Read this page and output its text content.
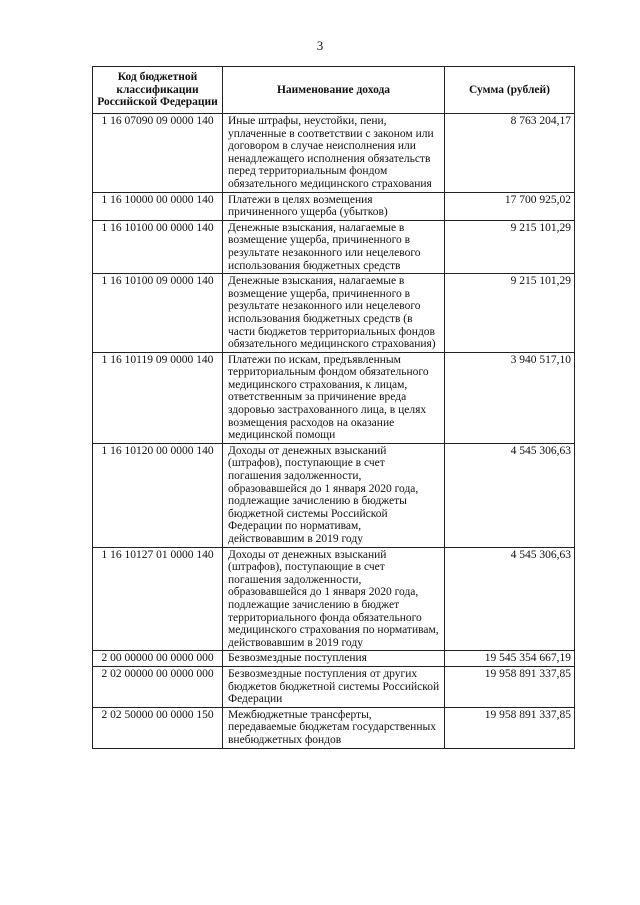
3
Код бюджетной классификации Российской Федерации	Наименование дохода	Сумма (рублей)
1 16 07090 09 0000 140	Иные штрафы, неустойки, пени, уплаченные в соответствии с законом или договором в случае неисполнения или ненадлежащего исполнения обязательств перед территориальным фондом обязательного медицинского страхования	8 763 204,17
1 16 10000 00 0000 140	Платежи в целях возмещения причиненного ущерба (убытков)	17 700 925,02
1 16 10100 00 0000 140	Денежные взыскания, налагаемые в возмещение ущерба, причиненного в результате незаконного или нецелевого использования бюджетных средств	9 215 101,29
1 16 10100 09 0000 140	Денежные взыскания, налагаемые в возмещение ущерба, причиненного в результате незаконного или нецелевого использования бюджетных средств (в части бюджетов территориальных фондов обязательного медицинского страхования)	9 215 101,29
1 16 10119 09 0000 140	Платежи по искам, предъявленным территориальным фондом обязательного медицинского страхования, к лицам, ответственным за причинение вреда здоровью застрахованного лица, в целях возмещения расходов на оказание медицинской помощи	3 940 517,10
1 16 10120 00 0000 140	Доходы от денежных взысканий (штрафов), поступающие в счет погашения задолженности, образовавшейся до 1 января 2020 года, подлежащие зачислению в бюджеты бюджетной системы Российской Федерации по нормативам, действовавшим в 2019 году	4 545 306,63
1 16 10127 01 0000 140	Доходы от денежных взысканий (штрафов), поступающие в счет погашения задолженности, образовавшейся до 1 января 2020 года, подлежащие зачислению в бюджет территориального фонда обязательного медицинского страхования по нормативам, действовавшим в 2019 году	4 545 306,63
2 00 00000 00 0000 000	Безвозмездные поступления	19 545 354 667,19
2 02 00000 00 0000 000	Безвозмездные поступления от других бюджетов бюджетной системы Российской Федерации	19 958 891 337,85
2 02 50000 00 0000 150	Межбюджетные трансферты, передаваемые бюджетам государственных внебюджетных фондов	19 958 891 337,85
